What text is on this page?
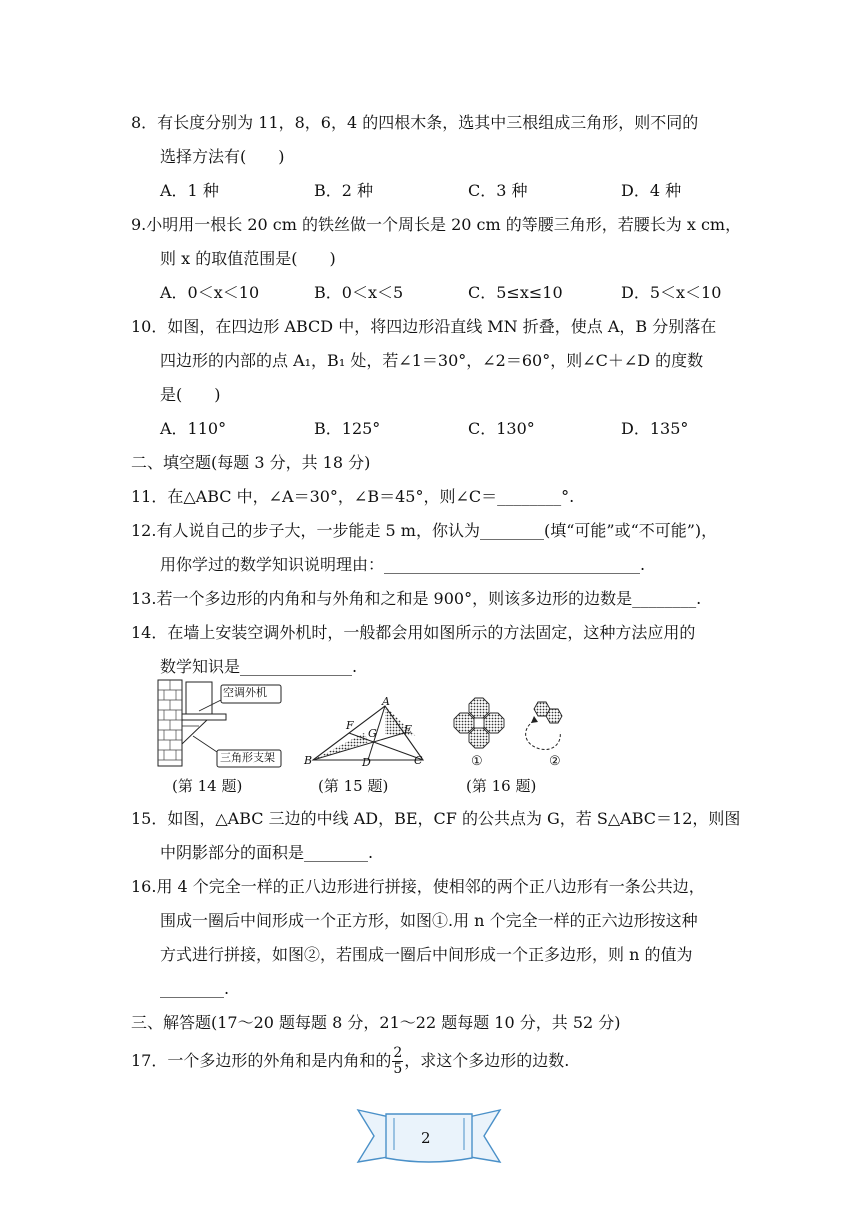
8．有长度分别为 11，8，6，4 的四根木条，选其中三根组成三角形，则不同的
选择方法有(　　)
A．1 种	B．2 种	C．3 种	D．4 种
9.小明用一根长 20 cm 的铁丝做一个周长是 20 cm 的等腰三角形，若腰长为 x cm，
则 x 的取值范围是(　　)
A．0＜x＜10	B．0＜x＜5	C．5≤x≤10	D．5＜x＜10
10．如图，在四边形 ABCD 中，将四边形沿直线 MN 折叠，使点 A，B 分别落在
四边形的内部的点 A₁，B₁ 处，若∠1＝30°，∠2＝60°，则∠C＋∠D 的度数
是(　　)
A．110°	B．125°	C．130°	D．135°
二、填空题(每题 3 分，共 18 分)
11．在△ABC 中，∠A＝30°，∠B＝45°，则∠C＝________°.
12.有人说自己的步子大，一步能走 5 m，你认为________(填“可能”或“不可能”)，
用你学过的数学知识说明理由：________________________________.
13.若一个多边形的内角和与外角和之和是 900°，则该多边形的边数是________.
14．在墙上安装空调外机时，一般都会用如图所示的方法固定，这种方法应用的
数学知识是______________.
空调外机
三角形支架
(第 14 题)
A
B	C
D
E
F
G
(第 15 题)
①	②
(第 16 题)
15．如图，△ABC 三边的中线 AD，BE，CF 的公共点为 G，若 S△ABC＝12，则图
中阴影部分的面积是________.
16.用 4 个完全一样的正八边形进行拼接，使相邻的两个正八边形有一条公共边，
围成一圈后中间形成一个正方形，如图①.用 n 个完全一样的正六边形按这种
方式进行拼接，如图②，若围成一圈后中间形成一个正多边形，则 n 的值为
________.
三、解答题(17～20 题每题 8 分，21～22 题每题 10 分，共 52 分)
17．一个多边形的外角和是内角和的 $\frac{2}{5}$ ，求这个多边形的边数.
2
